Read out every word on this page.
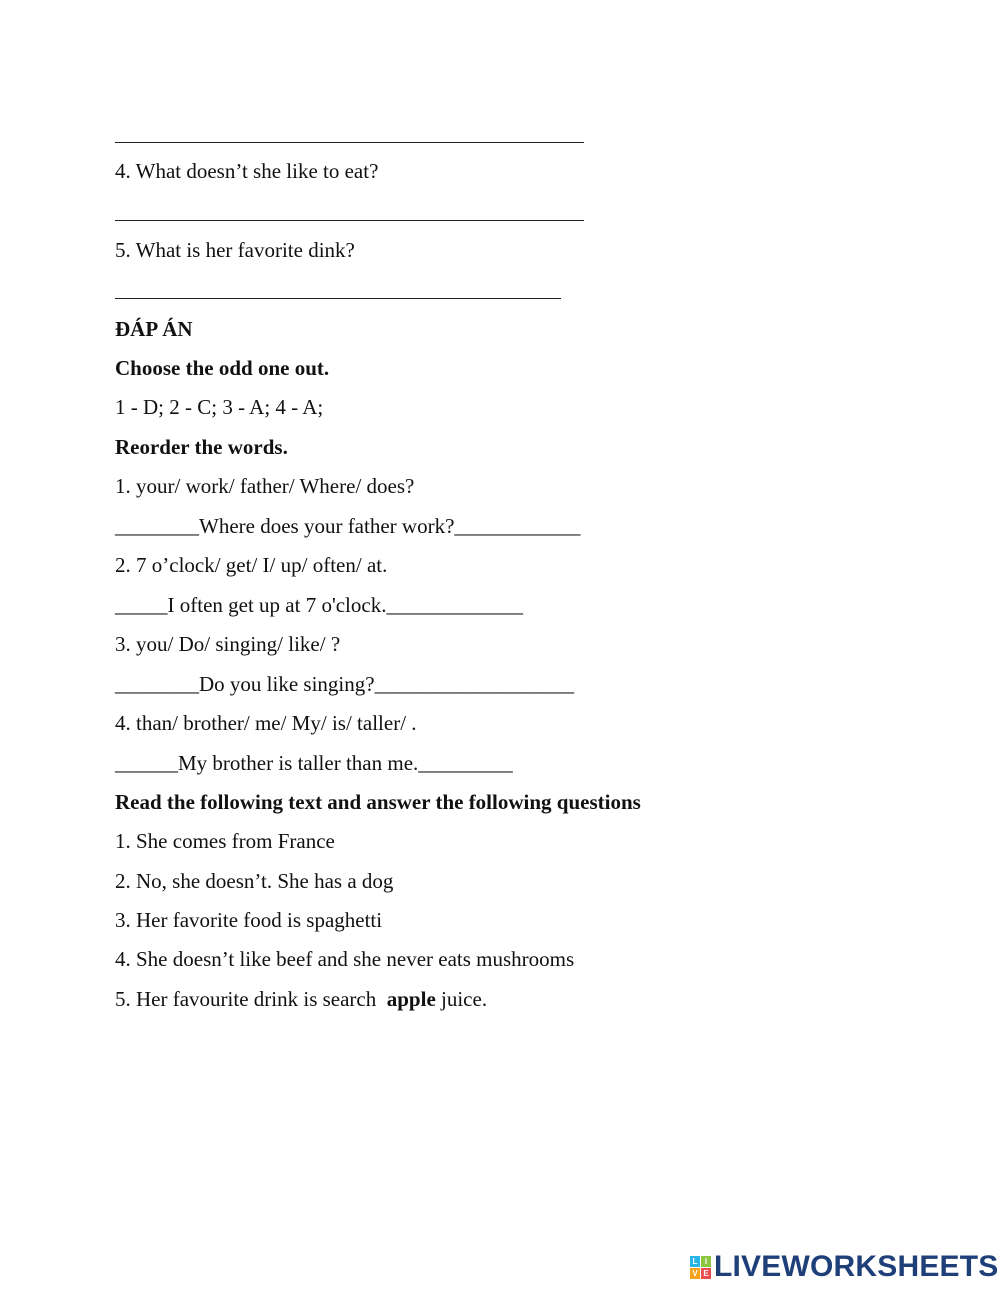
4. What doesn’t she like to eat?
5. What is her favorite dink?
ĐÁP ÁN
Choose the odd one out.
1 - D; 2 - C; 3 - A; 4 - A;
Reorder the words.
1. your/ work/ father/ Where/ does?
________Where does your father work?____________
2. 7 o’clock/ get/ I/ up/ often/ at.
_____I often get up at 7 o'clock._____________
3. you/ Do/ singing/ like/ ?
________Do you like singing?___________________
4. than/ brother/ me/ My/ is/ taller/ .
______My brother is taller than me._________
Read the following text and answer the following questions
1. She comes from France
2. No, she doesn’t. She has a dog
3. Her favorite food is spaghetti
4. She doesn’t like beef and she never eats mushrooms
5. Her favourite drink is search  apple juice.
L I
V E LIVEWORKSHEETS
